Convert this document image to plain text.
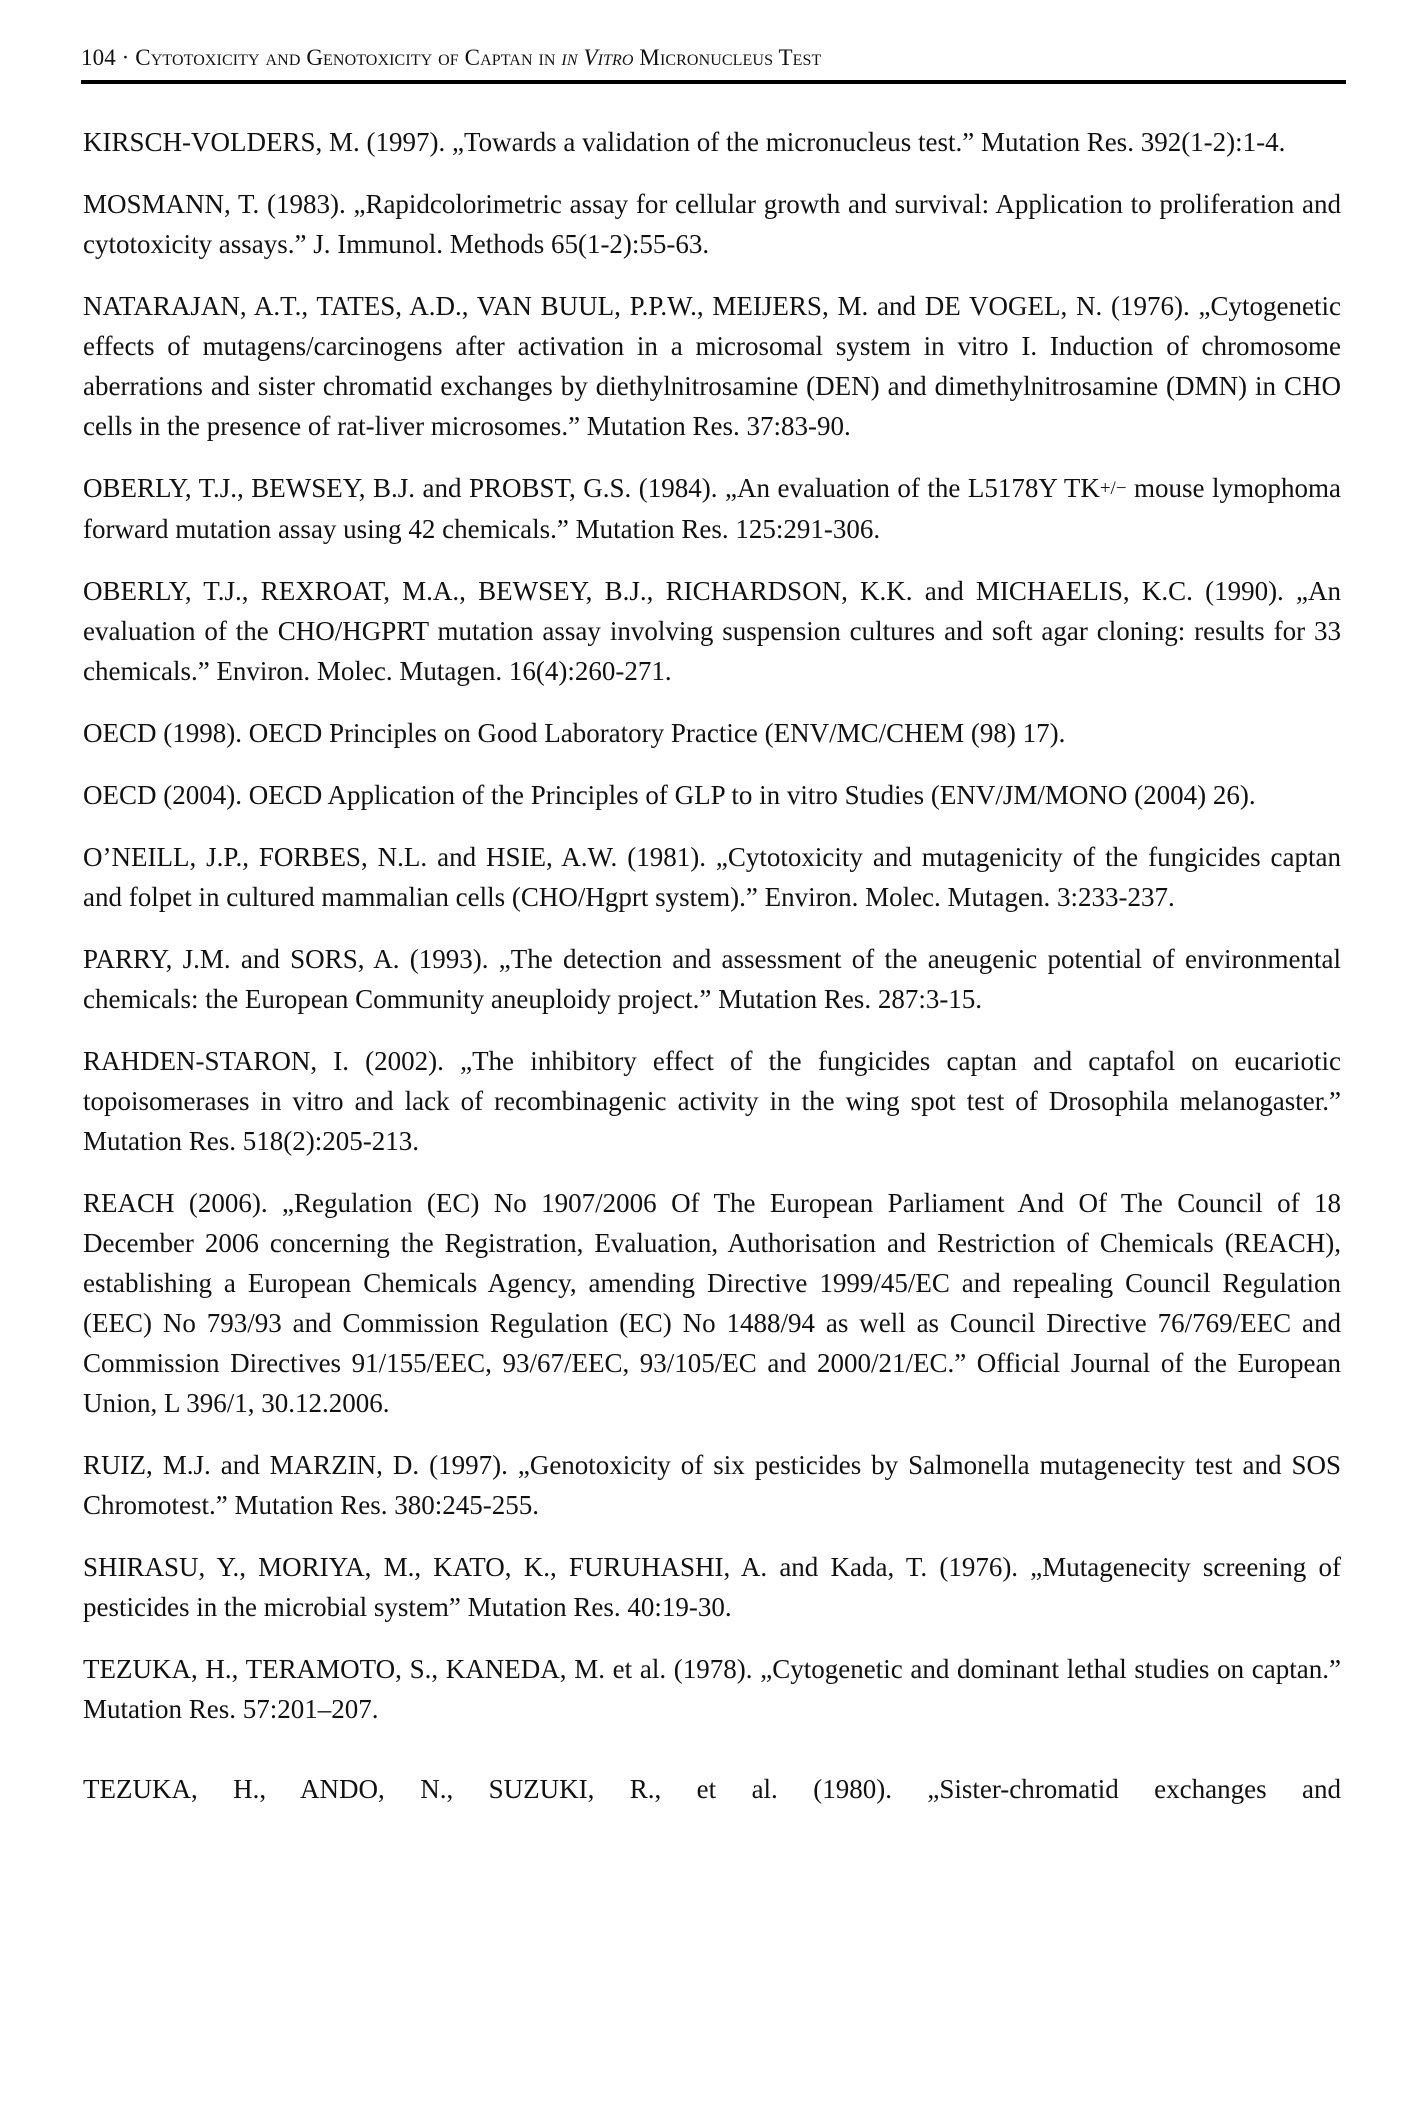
104 · Cytotoxicity and Genotoxicity of Captan in in Vitro Micronucleus Test

KIRSCH-VOLDERS, M. (1997). „Towards a validation of the micronucleus test.” Mutation Res. 392(1-2):1-4.

MOSMANN, T. (1983). „Rapidcolorimetric assay for cellular growth and survival: Application to proliferation and cytotoxicity assays.” J. Immunol. Methods 65(1-2):55-63.

NATARAJAN, A.T., TATES, A.D., VAN BUUL, P.P.W., MEIJERS, M. and DE VOGEL, N. (1976). „Cytogenetic effects of mutagens/carcinogens after activation in a microsomal system in vitro I. Induction of chromosome aberrations and sister chromatid exchanges by diethylnitrosamine (DEN) and dimethylnitrosamine (DMN) in CHO cells in the presence of rat-liver microsomes.” Mutation Res. 37:83-90.

OBERLY, T.J., BEWSEY, B.J. and PROBST, G.S. (1984). „An evaluation of the L5178Y TK+/− mouse lymophoma forward mutation assay using 42 chemicals.” Mutation Res. 125:291-306.

OBERLY, T.J., REXROAT, M.A., BEWSEY, B.J., RICHARDSON, K.K. and MICHAELIS, K.C. (1990). „An evaluation of the CHO/HGPRT mutation assay involving suspension cultures and soft agar cloning: results for 33 chemicals.” Environ. Molec. Mutagen. 16(4):260-271.

OECD (1998). OECD Principles on Good Laboratory Practice (ENV/MC/CHEM (98) 17).

OECD (2004). OECD Application of the Principles of GLP to in vitro Studies (ENV/JM/MONO (2004) 26).

O’NEILL, J.P., FORBES, N.L. and HSIE, A.W. (1981). „Cytotoxicity and mutagenicity of the fungicides captan and folpet in cultured mammalian cells (CHO/Hgprt system).” Environ. Molec. Mutagen. 3:233-237.

PARRY, J.M. and SORS, A. (1993). „The detection and assessment of the aneugenic potential of environmental chemicals: the European Community aneuploidy project.” Mutation Res. 287:3-15.

RAHDEN-STARON, I. (2002). „The inhibitory effect of the fungicides captan and captafol on eucariotic topoisomerases in vitro and lack of recombinagenic activity in the wing spot test of Drosophila melanogaster.” Mutation Res. 518(2):205-213.

REACH (2006). „Regulation (EC) No 1907/2006 Of The European Parliament And Of The Council of 18 December 2006 concerning the Registration, Evaluation, Authorisation and Restriction of Chemicals (REACH), establishing a European Chemicals Agency, amending Directive 1999/45/EC and repealing Council Regulation (EEC) No 793/93 and Commission Regulation (EC) No 1488/94 as well as Council Directive 76/769/EEC and Commission Directives 91/155/EEC, 93/67/EEC, 93/105/EC and 2000/21/EC.” Official Journal of the European Union, L 396/1, 30.12.2006.

RUIZ, M.J. and MARZIN, D. (1997). „Genotoxicity of six pesticides by Salmonella mutagenecity test and SOS Chromotest.” Mutation Res. 380:245-255.

SHIRASU, Y., MORIYA, M., KATO, K., FURUHASHI, A. and Kada, T. (1976). „Mutagenecity screening of pesticides in the microbial system” Mutation Res. 40:19-30.

TEZUKA, H., TERAMOTO, S., KANEDA, M. et al. (1978). „Cytogenetic and dominant lethal studies on captan.” Mutation Res. 57:201–207.

TEZUKA, H., ANDO, N., SUZUKI, R., et al. (1980). „Sister-chromatid exchanges and
